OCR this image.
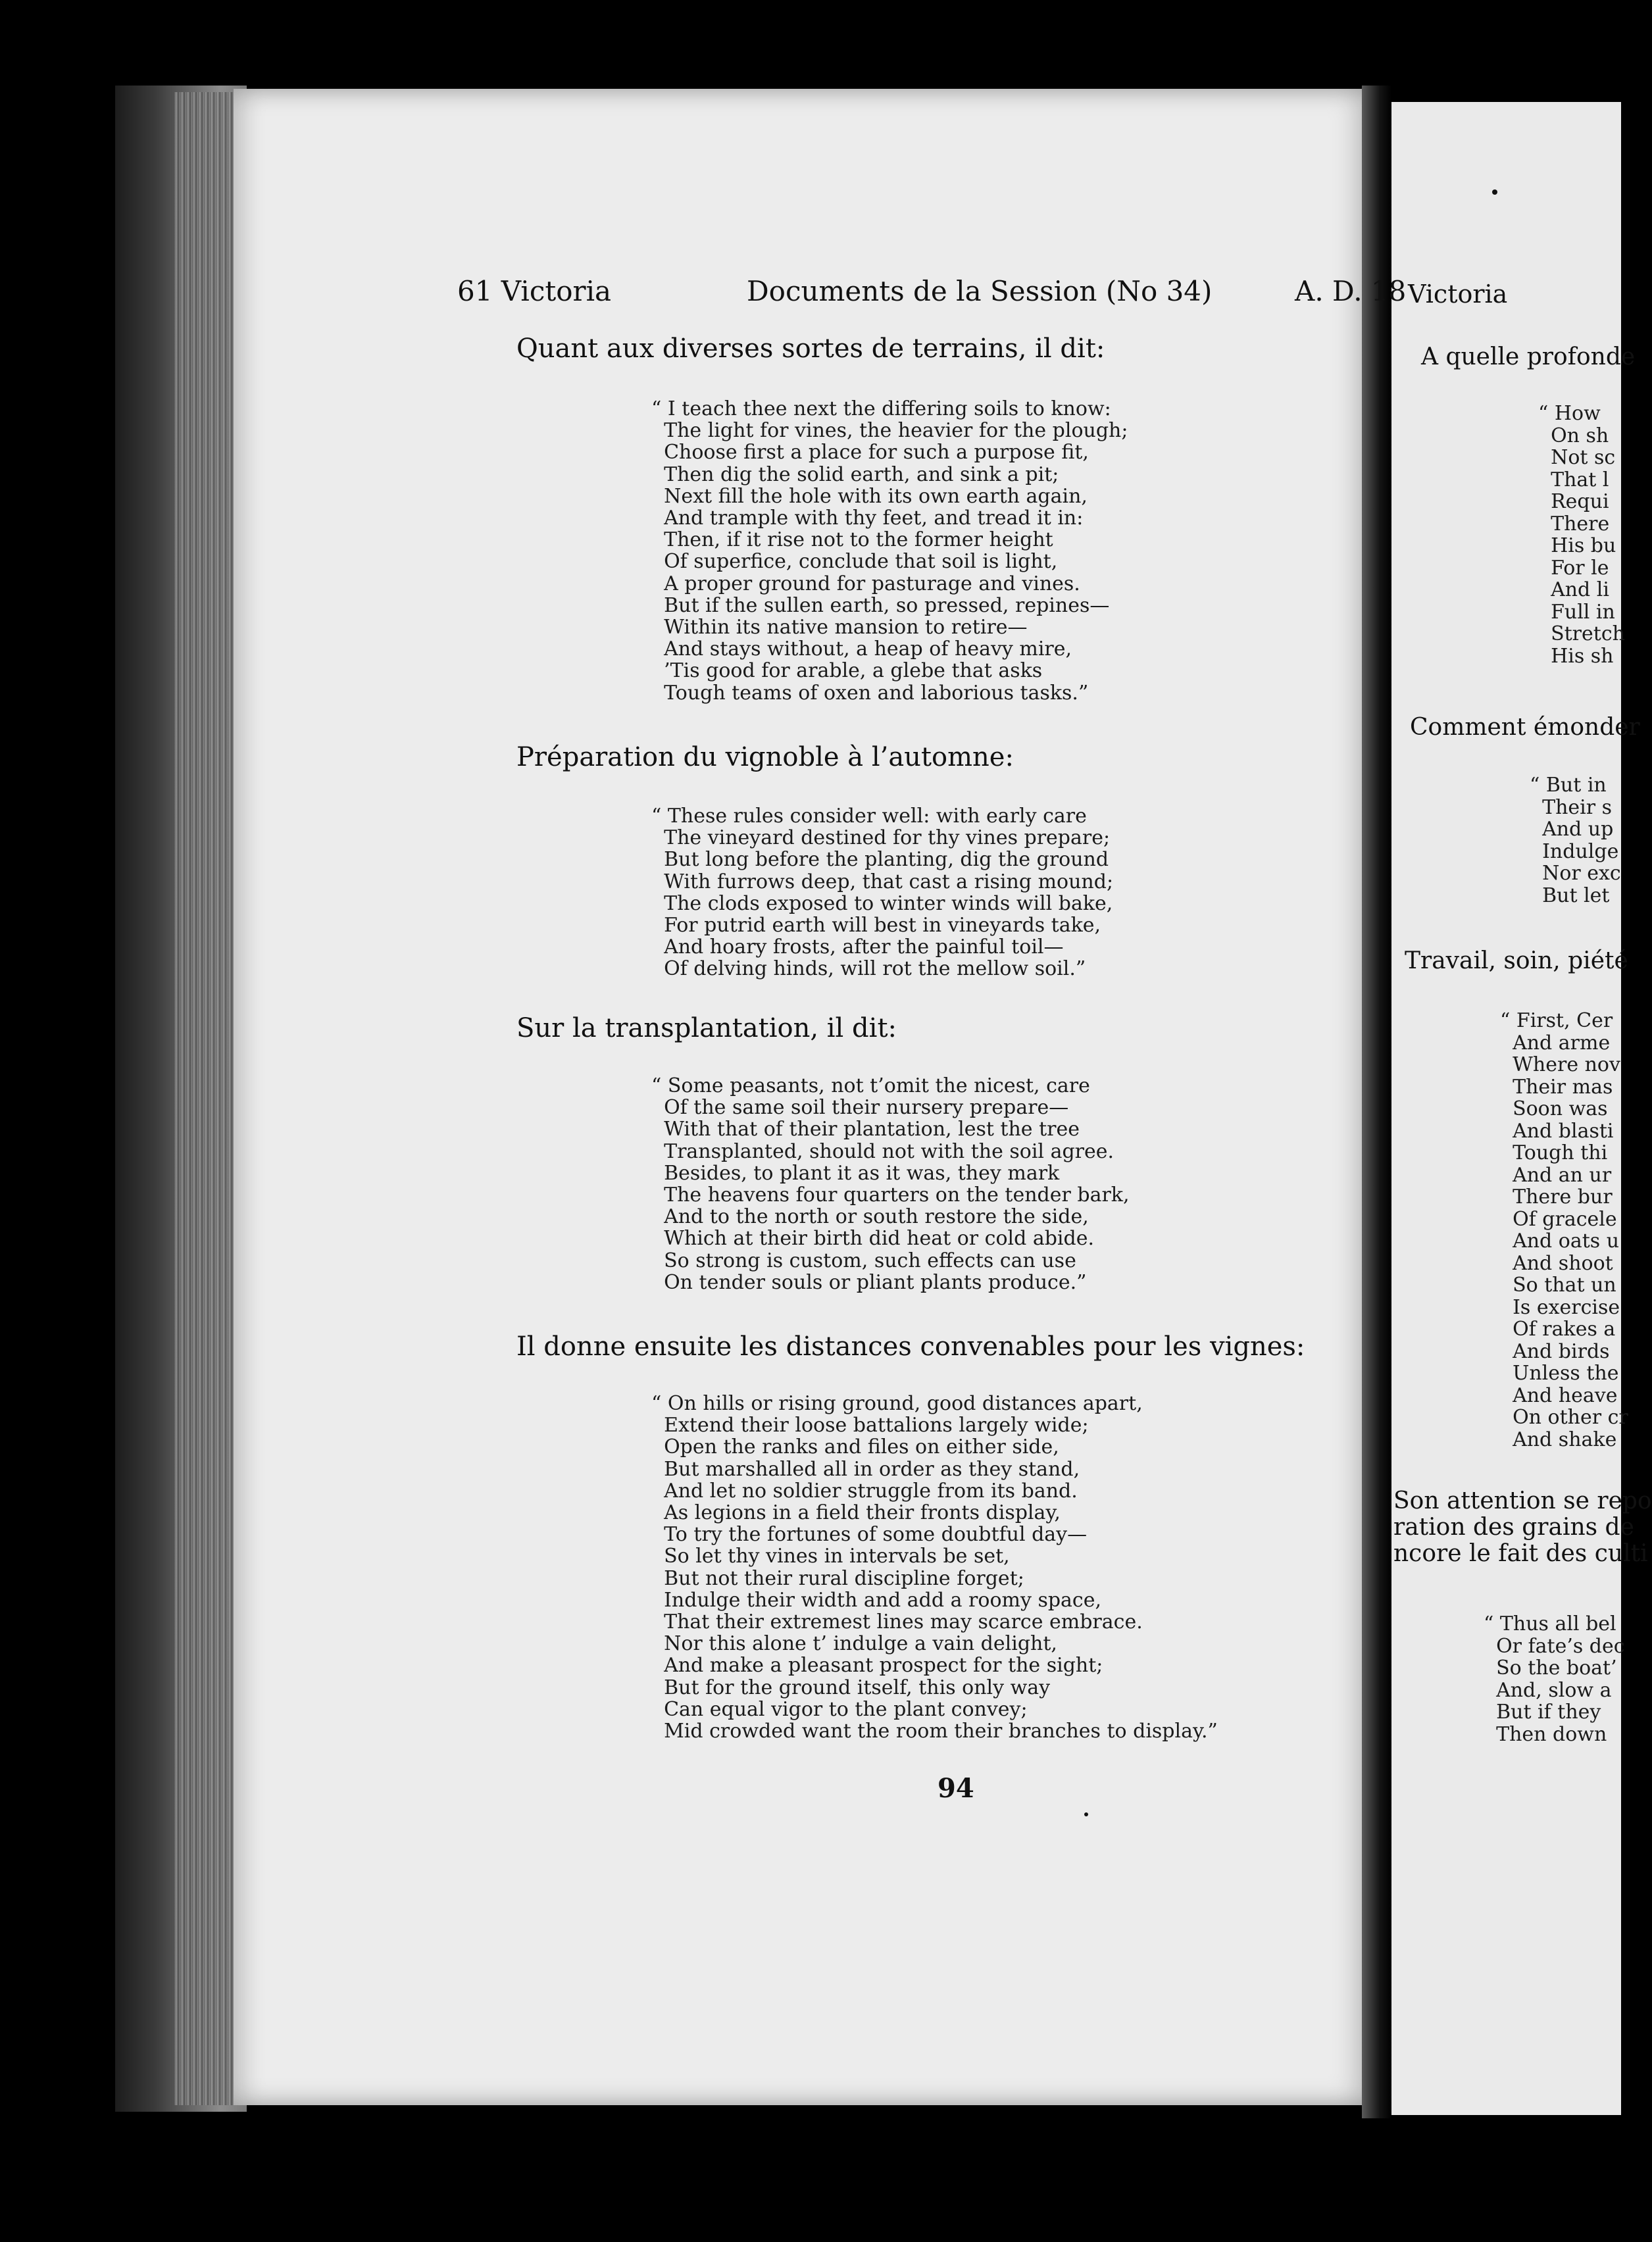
61 Victoria	Documents de la Session (No 34)	A. D. 18
Quant aux diverses sortes de terrains, il dit:
“ I teach thee next the differing soils to know:
The light for vines, the heavier for the plough;
Choose first a place for such a purpose fit,
Then dig the solid earth, and sink a pit;
Next fill the hole with its own earth again,
And trample with thy feet, and tread it in:
Then, if it rise not to the former height
Of superfice, conclude that soil is light,
A proper ground for pasturage and vines.
But if the sullen earth, so pressed, repines—
Within its native mansion to retire—
And stays without, a heap of heavy mire,
’Tis good for arable, a glebe that asks
Tough teams of oxen and laborious tasks.”
Préparation du vignoble à l’automne:
“ These rules consider well: with early care
The vineyard destined for thy vines prepare;
But long before the planting, dig the ground
With furrows deep, that cast a rising mound;
The clods exposed to winter winds will bake,
For putrid earth will best in vineyards take,
And hoary frosts, after the painful toil—
Of delving hinds, will rot the mellow soil.”
Sur la transplantation, il dit:
“ Some peasants, not t’omit the nicest, care
Of the same soil their nursery prepare—
With that of their plantation, lest the tree
Transplanted, should not with the soil agree.
Besides, to plant it as it was, they mark
The heavens four quarters on the tender bark,
And to the north or south restore the side,
Which at their birth did heat or cold abide.
So strong is custom, such effects can use
On tender souls or pliant plants produce.”
Il donne ensuite les distances convenables pour les vignes:
“ On hills or rising ground, good distances apart,
Extend their loose battalions largely wide;
Open the ranks and files on either side,
But marshalled all in order as they stand,
And let no soldier struggle from its band.
As legions in a field their fronts display,
To try the fortunes of some doubtful day—
So let thy vines in intervals be set,
But not their rural discipline forget;
Indulge their width and add a roomy space,
That their extremest lines may scarce embrace.
Nor this alone t’ indulge a vain delight,
And make a pleasant prospect for the sight;
But for the ground itself, this only way
Can equal vigor to the plant convey;
Mid crowded want the room their branches to display.”
94
Victoria
A quelle profonde
“ How
On sh
Not sc
That l
Requi
There
His bu
For le
And li
Full in
Stretch
His sh
Comment émonder
“ But in
Their s
And up
Indulge
Nor exc
But let
Travail, soin, piété
“ First, Cer
And arme
Where nov
Their mas
Soon was
And blasti
Tough thi
And an ur
There bur
Of gracele
And oats u
And shoot
So that un
Is exercise
Of rakes a
And birds
Unless the
And heave
On other cr
And shake
Son attention se repo
ration des grains de
ncore le fait des culti
“ Thus all bel
Or fate’s dec
So the boat’
And, slow a
But if they
Then down
